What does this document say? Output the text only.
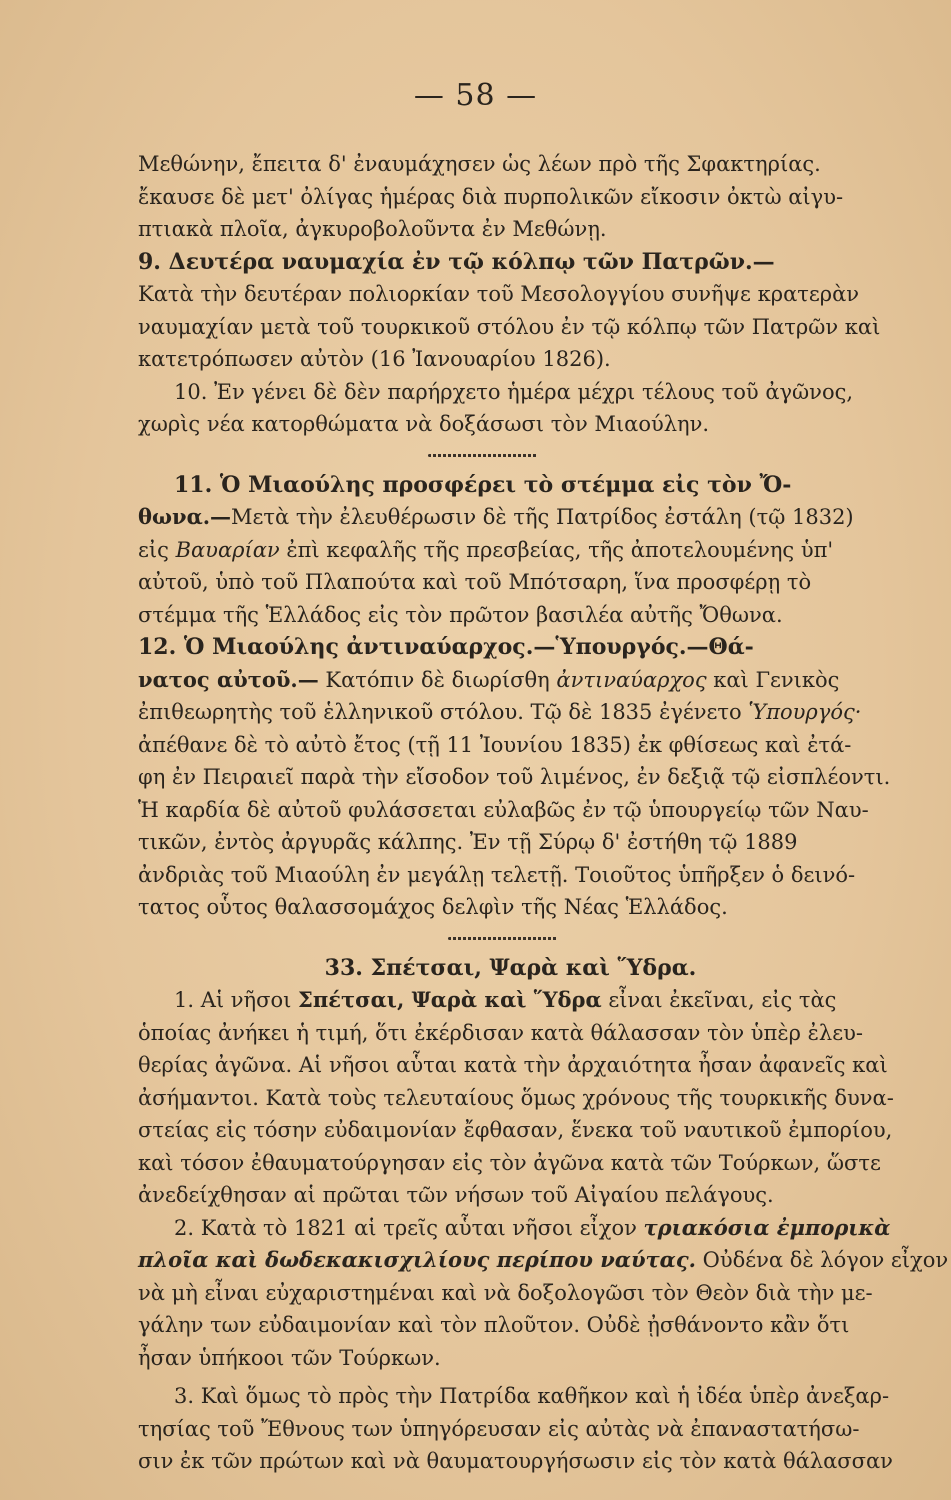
— 58 —
Μεθώνην, ἔπειτα δ' ἐναυμάχησεν ὡς λέων πρὸ τῆς Σφακτηρίας.
ἔκαυσε δὲ μετ' ὀλίγας ἡμέρας διὰ πυρπολικῶν εἴκοσιν ὀκτὼ αἰγυ-
πτιακὰ πλοῖα, ἀγκυροβολοῦντα ἐν Μεθώνῃ.
9. Δευτέρα ναυμαχία ἐν τῷ κόλπῳ τῶν Πατρῶν.—
Κατὰ τὴν δευτέραν πολιορκίαν τοῦ Μεσολογγίου συνῆψε κρατερὰν
ναυμαχίαν μετὰ τοῦ τουρκικοῦ στόλου ἐν τῷ κόλπῳ τῶν Πατρῶν καὶ
κατετρόπωσεν αὐτὸν (16 Ἰανουαρίου 1826).
10. Ἐν γένει δὲ δὲν παρήρχετο ἡμέρα μέχρι τέλους τοῦ ἀγῶνος,
χωρὶς νέα κατορθώματα νὰ δοξάσωσι τὸν Μιαούλην.
11. Ὁ Μιαούλης προσφέρει τὸ στέμμα εἰς τὸν Ὄ-
θωνα.—Μετὰ τὴν ἐλευθέρωσιν δὲ τῆς Πατρίδος ἐστάλη (τῷ 1832)
εἰς Βαυαρίαν ἐπὶ κεφαλῆς τῆς πρεσβείας, τῆς ἀποτελουμένης ὑπ'
αὐτοῦ, ὑπὸ τοῦ Πλαπούτα καὶ τοῦ Μπότσαρη, ἵνα προσφέρῃ τὸ
στέμμα τῆς Ἑλλάδος εἰς τὸν πρῶτον βασιλέα αὐτῆς Ὄθωνα.
12. Ὁ Μιαούλης ἀντιναύαρχος.—Ὑπουργός.—Θά-
νατος αὐτοῦ.— Κατόπιν δὲ διωρίσθη ἀντιναύαρχος καὶ Γενικὸς
ἐπιθεωρητὴς τοῦ ἑλληνικοῦ στόλου. Τῷ δὲ 1835 ἐγένετο Ὑπουργός·
ἀπέθανε δὲ τὸ αὐτὸ ἔτος (τῇ 11 Ἰουνίου 1835) ἐκ φθίσεως καὶ ἐτά-
φη ἐν Πειραιεῖ παρὰ τὴν εἴσοδον τοῦ λιμένος, ἐν δεξιᾷ τῷ εἰσπλέοντι.
Ἡ καρδία δὲ αὐτοῦ φυλάσσεται εὐλαβῶς ἐν τῷ ὑπουργείῳ τῶν Ναυ-
τικῶν, ἐντὸς ἀργυρᾶς κάλπης. Ἐν τῇ Σύρῳ δ' ἐστήθη τῷ 1889
ἀνδριὰς τοῦ Μιαούλη ἐν μεγάλῃ τελετῇ. Τοιοῦτος ὑπῆρξεν ὁ δεινό-
τατος οὗτος θαλασσομάχος δελφὶν τῆς Νέας Ἑλλάδος.
33. Σπέτσαι, Ψαρὰ καὶ Ὕδρα.
1. Αἱ νῆσοι Σπέτσαι, Ψαρὰ καὶ Ὕδρα εἶναι ἐκεῖναι, εἰς τὰς
ὁποίας ἀνήκει ἡ τιμή, ὅτι ἐκέρδισαν κατὰ θάλασσαν τὸν ὑπὲρ ἐλευ-
θερίας ἀγῶνα. Αἱ νῆσοι αὗται κατὰ τὴν ἀρχαιότητα ἦσαν ἀφανεῖς καὶ
ἀσήμαντοι. Κατὰ τοὺς τελευταίους ὅμως χρόνους τῆς τουρκικῆς δυνα-
στείας εἰς τόσην εὐδαιμονίαν ἔφθασαν, ἕνεκα τοῦ ναυτικοῦ ἐμπορίου,
καὶ τόσον ἐθαυματούργησαν εἰς τὸν ἀγῶνα κατὰ τῶν Τούρκων, ὥστε
ἀνεδείχθησαν αἱ πρῶται τῶν νήσων τοῦ Αἰγαίου πελάγους.
2. Κατὰ τὸ 1821 αἱ τρεῖς αὗται νῆσοι εἶχον τριακόσια ἐμπορικὰ
πλοῖα καὶ δωδεκακισχιλίους περίπου ναύτας. Οὐδένα δὲ λόγον εἶχον
νὰ μὴ εἶναι εὐχαριστημέναι καὶ νὰ δοξολογῶσι τὸν Θεὸν διὰ τὴν με-
γάλην των εὐδαιμονίαν καὶ τὸν πλοῦτον. Οὐδὲ ᾐσθάνοντο κἂν ὅτι
ἦσαν ὑπήκοοι τῶν Τούρκων.
3. Καὶ ὅμως τὸ πρὸς τὴν Πατρίδα καθῆκον καὶ ἡ ἰδέα ὑπὲρ ἀνεξαρ-
τησίας τοῦ Ἔθνους των ὑπηγόρευσαν εἰς αὐτὰς νὰ ἐπαναστατήσω-
σιν ἐκ τῶν πρώτων καὶ νὰ θαυματουργήσωσιν εἰς τὸν κατὰ θάλασσαν
